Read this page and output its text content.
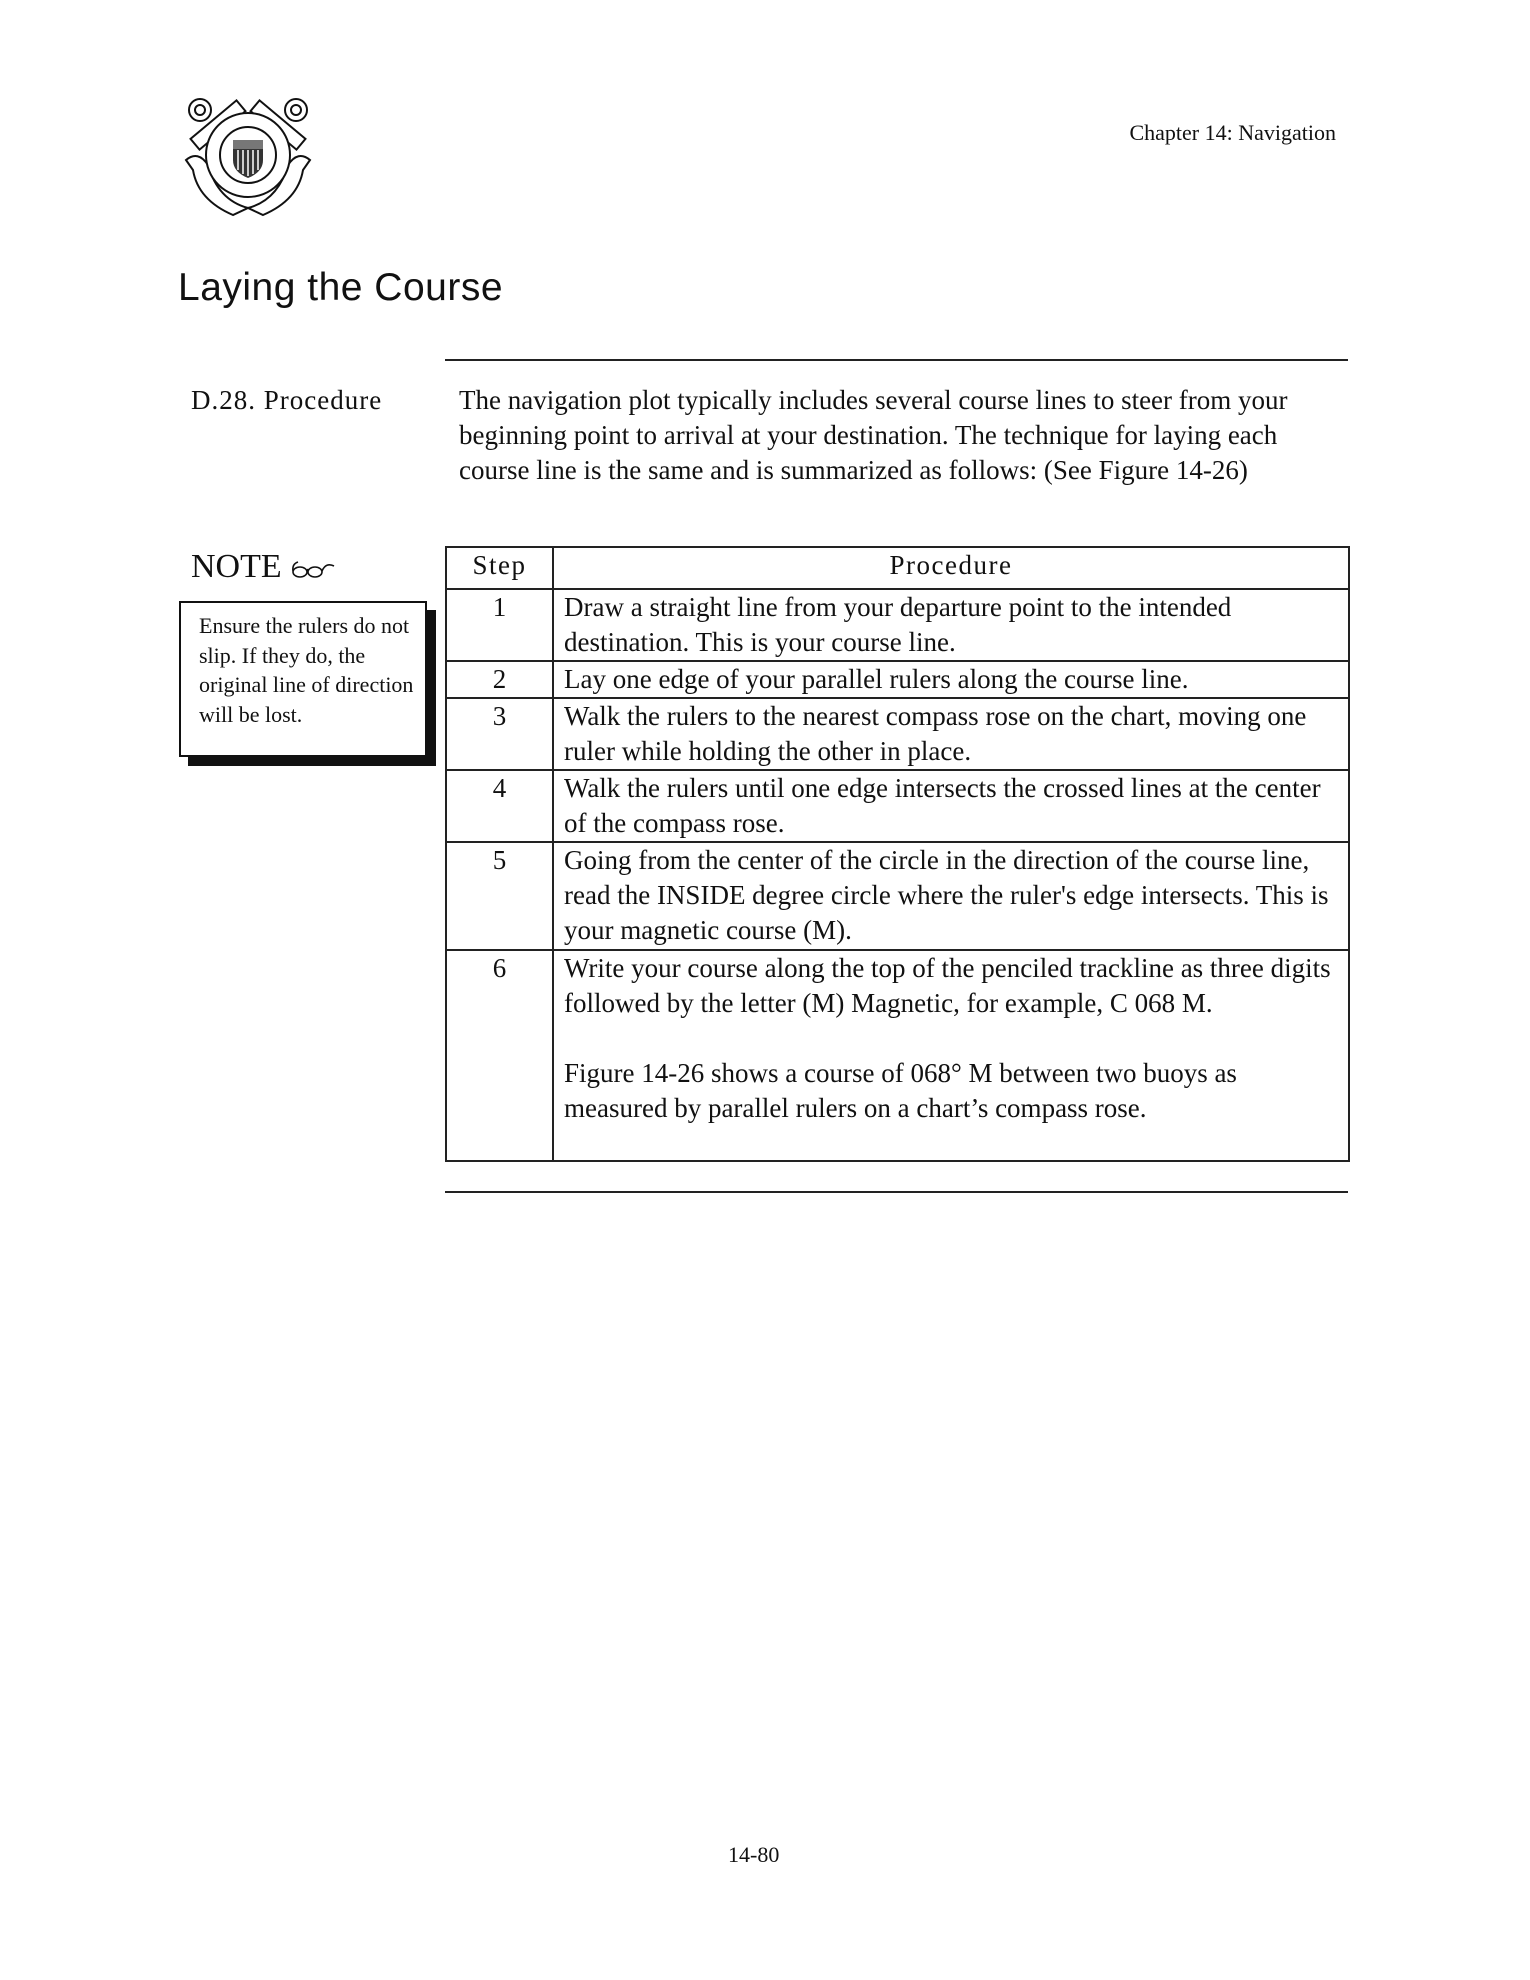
Chapter 14: Navigation
Laying the Course
D.28. Procedure	The navigation plot typically includes several course lines to steer from your beginning point to arrival at your destination. The technique for laying each course line is the same and is summarized as follows: (See Figure 14-26)
NOTE
Ensure the rulers do not slip. If they do, the original line of direction will be lost.
Step	Procedure
1	Draw a straight line from your departure point to the intended destination. This is your course line.
2	Lay one edge of your parallel rulers along the course line.
3	Walk the rulers to the nearest compass rose on the chart, moving one ruler while holding the other in place.
4	Walk the rulers until one edge intersects the crossed lines at the center of the compass rose.
5	Going from the center of the circle in the direction of the course line, read the INSIDE degree circle where the ruler's edge intersects. This is your magnetic course (M).
6	Write your course along the top of the penciled trackline as three digits followed by the letter (M) Magnetic, for example, C 068 M.
Figure 14-26 shows a course of 068° M between two buoys as measured by parallel rulers on a chart’s compass rose.
14-80
